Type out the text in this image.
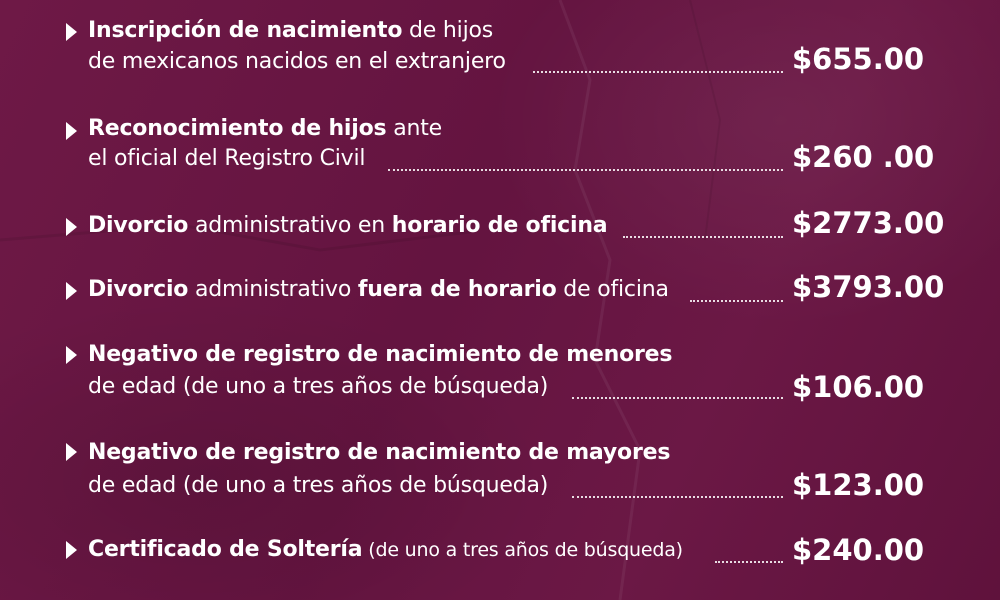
Inscripción de nacimiento de hijos
de mexicanos nacidos en el extranjero	$655.00
Reconocimiento de hijos ante
el oficial del Registro Civil	$260 .00
Divorcio administrativo en horario de oficina	$2773.00
Divorcio administrativo fuera de horario de oficina	$3793.00
Negativo de registro de nacimiento de menores
de edad (de uno a tres años de búsqueda)	$106.00
Negativo de registro de nacimiento de mayores
de edad (de uno a tres años de búsqueda)	$123.00
Certificado de Soltería (de uno a tres años de búsqueda)	$240.00
